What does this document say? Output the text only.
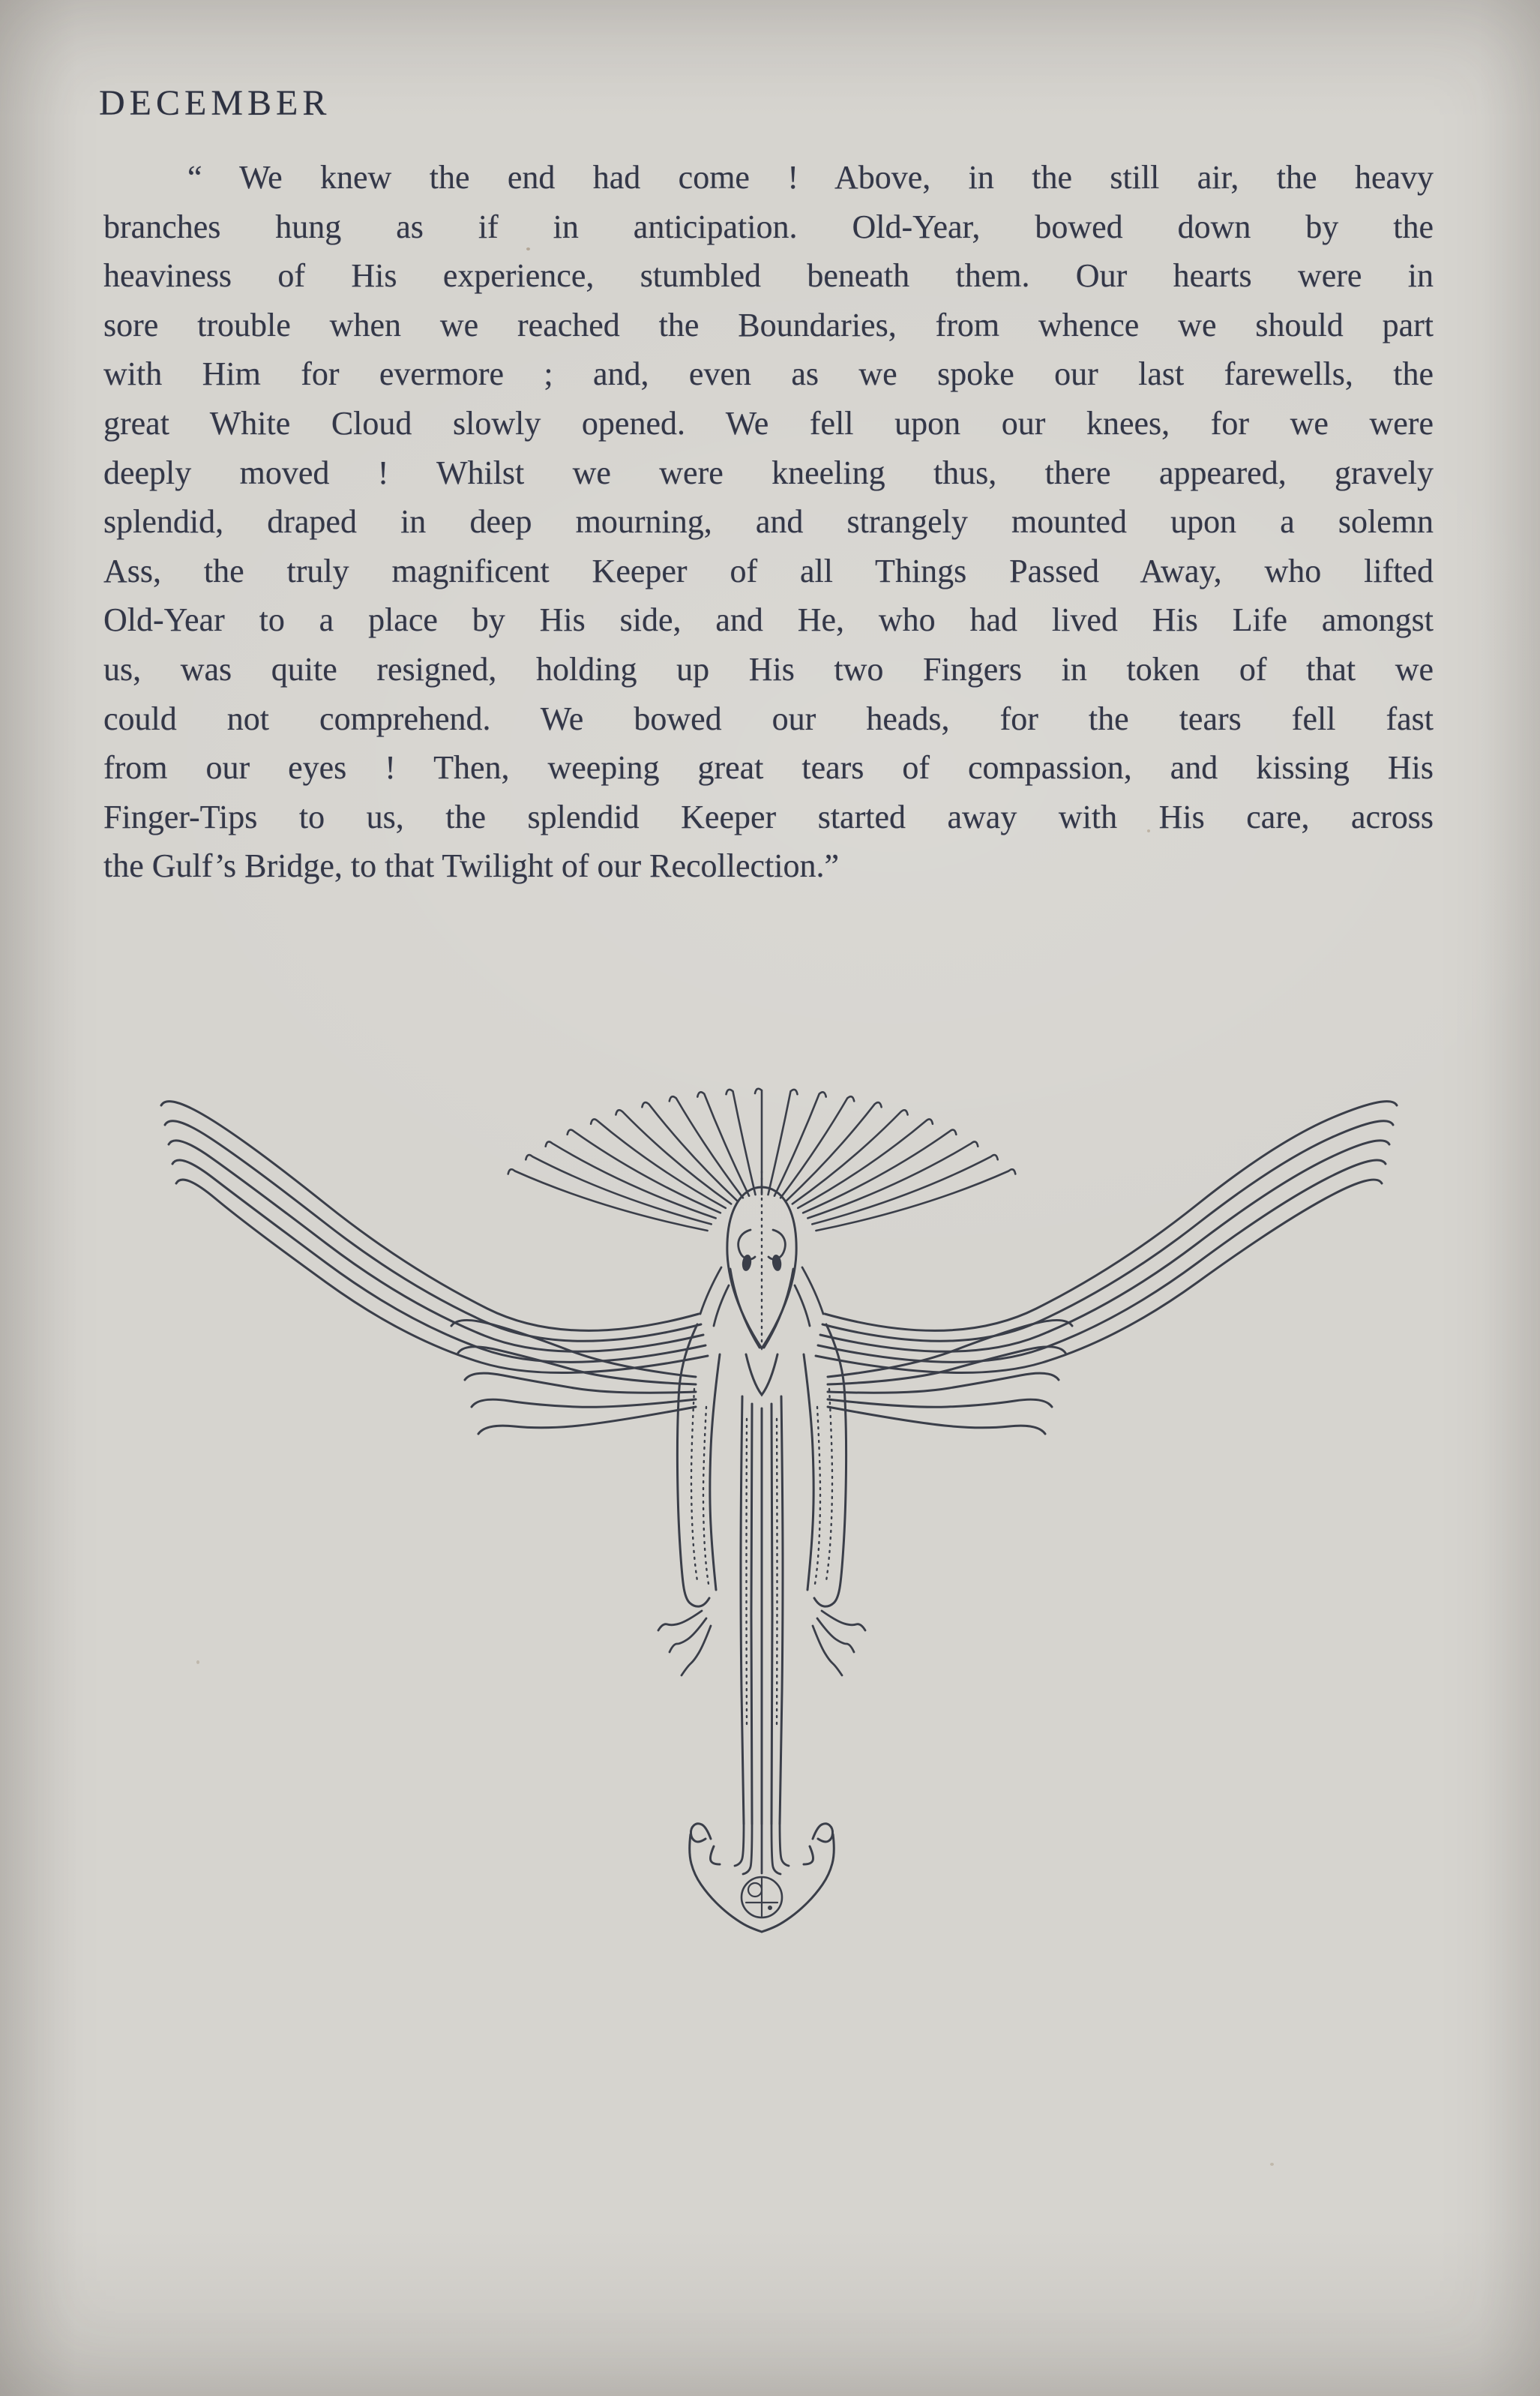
DECEMBER
“ We knew the end had come ! Above, in the still air, the heavy
branches hung as if in anticipation. Old-Year, bowed down by the
heaviness of His experience, stumbled beneath them. Our hearts were in
sore trouble when we reached the Boundaries, from whence we should part
with Him for evermore ; and, even as we spoke our last farewells, the
great White Cloud slowly opened. We fell upon our knees, for we were
deeply moved ! Whilst we were kneeling thus, there appeared, gravely
splendid, draped in deep mourning, and strangely mounted upon a solemn
Ass, the truly magnificent Keeper of all Things Passed Away, who lifted
Old-Year to a place by His side, and He, who had lived His Life amongst
us, was quite resigned, holding up His two Fingers in token of that we
could not comprehend. We bowed our heads, for the tears fell fast
from our eyes ! Then, weeping great tears of compassion, and kissing His
Finger-Tips to us, the splendid Keeper started away with His care, across
the Gulf’s Bridge, to that Twilight of our Recollection.”
